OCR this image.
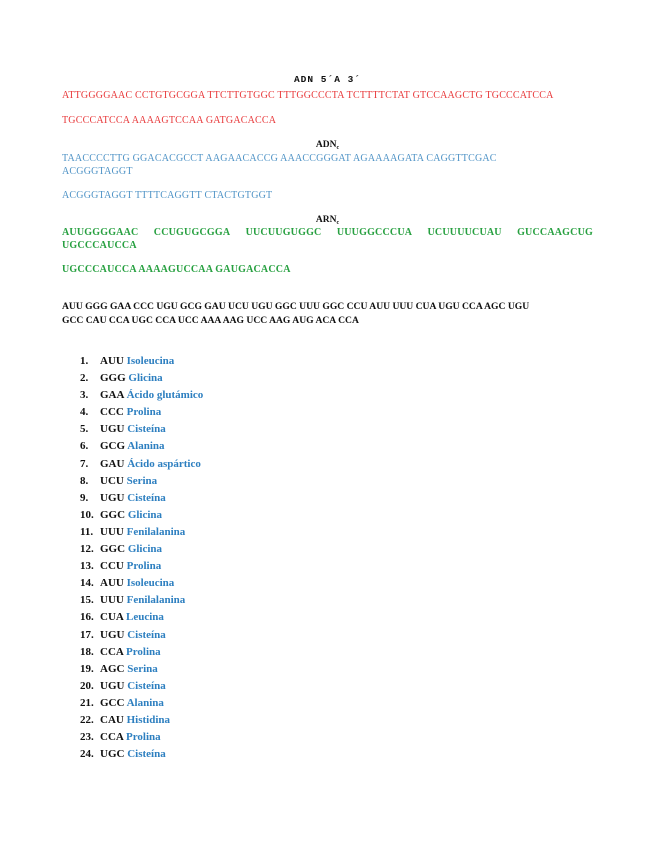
ADN 5´A 3´
ATTGGGGAAC CCTGTGCGGA TTCTTGTGGC TTTGGCCCTA TCTTTTCTAT GTCCAAGCTG TGCCCATCCA
TGCCCATCCA AAAAGTCCAA GATGACACCA
$ADN_c$
TAACCCCTTG GGACACGCCT AAGAACACCG AAACCGGGAT AGAAAAGATA CAGGTTCGAC
ACGGGTAGGT
ACGGGTAGGT TTTTCAGGTT CTACTGTGGT
$ARN_c$
AUUGGGGAAC CCUGUGCGGA UUCUUGUGGC UUUGGCCCUA UCUUUUCUAU GUCCAAGCUG
UGCCCAUCCA
UGCCCAUCCA AAAAGUCCAA GAUGACACCA
AUU GGG GAA CCC UGU GCG GAU UCU UGU GGC UUU GGC CCU AUU UUU CUA UGU CCA AGC UGU
GCC CAU CCA UGC CCA UCC AAA AAG UCC AAG AUG ACA CCA
1. AUU Isoleucina
2. GGG Glicina
3. GAA Ácido glutámico
4. CCC Prolina
5. UGU Cisteína
6. GCG Alanina
7. GAU Ácido aspártico
8. UCU Serina
9. UGU Cisteína
10. GGC Glicina
11. UUU Fenilalanina
12. GGC Glicina
13. CCU Prolina
14. AUU Isoleucina
15. UUU Fenilalanina
16. CUA Leucina
17. UGU Cisteína
18. CCA Prolina
19. AGC Serina
20. UGU Cisteína
21. GCC Alanina
22. CAU Histidina
23. CCA Prolina
24. UGC Cisteína
